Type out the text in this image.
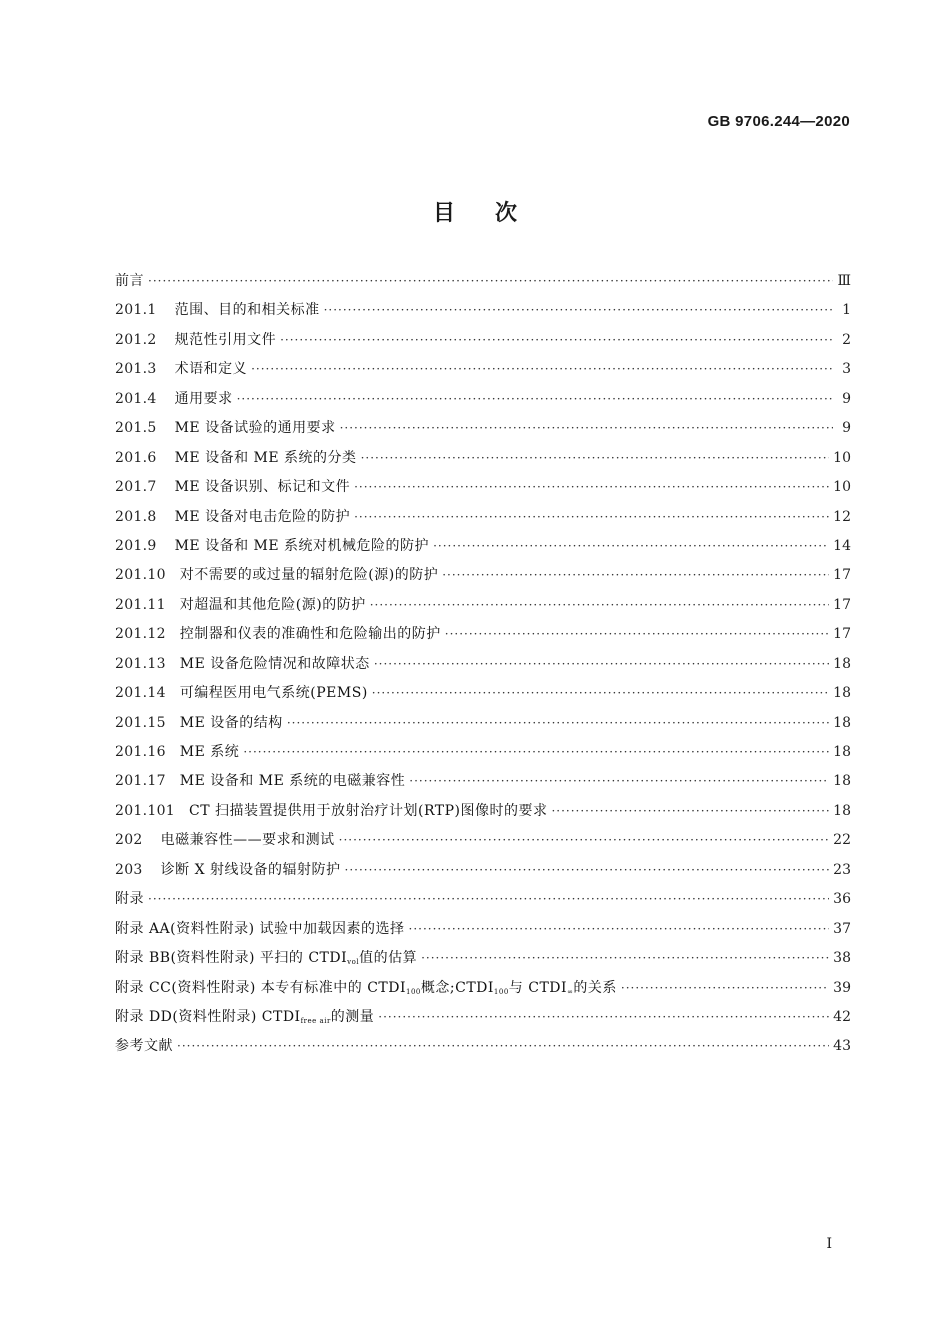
GB 9706.244—2020
目次
前言 ·····	Ⅲ
201.1 范围、目的和相关标准 ·····	1
201.2 规范性引用文件 ·····	2
201.3 术语和定义 ·····	3
201.4 通用要求 ·····	9
201.5 ME 设备试验的通用要求 ·····	9
201.6 ME 设备和 ME 系统的分类 ·····	10
201.7 ME 设备识别、标记和文件 ·····	10
201.8 ME 设备对电击危险的防护 ·····	12
201.9 ME 设备和 ME 系统对机械危险的防护 ·····	14
201.10 对不需要的或过量的辐射危险(源)的防护 ·····	17
201.11 对超温和其他危险(源)的防护 ·····	17
201.12 控制器和仪表的准确性和危险输出的防护 ·····	17
201.13 ME 设备危险情况和故障状态 ·····	18
201.14 可编程医用电气系统(PEMS) ·····	18
201.15 ME 设备的结构 ·····	18
201.16 ME 系统 ·····	18
201.17 ME 设备和 ME 系统的电磁兼容性 ·····	18
201.101 CT 扫描装置提供用于放射治疗计划(RTP)图像时的要求 ·····	18
202 电磁兼容性——要求和测试 ·····	22
203 诊断 X 射线设备的辐射防护 ·····	23
附录 ·····	36
附录 AA(资料性附录) 试验中加载因素的选择 ·····	37
附录 BB(资料性附录) 平扫的 $CTDI_{vol}$值的估算 ·····	38
附录 CC(资料性附录) 本专有标准中的 $CTDI_{100}$概念$;CTDI_{100}$与 $CTDI_\infty$的关系 ·····	39
附录 DD(资料性附录) $CTDI_{free air}$的测量 ·····	42
参考文献 ·····	43
I
